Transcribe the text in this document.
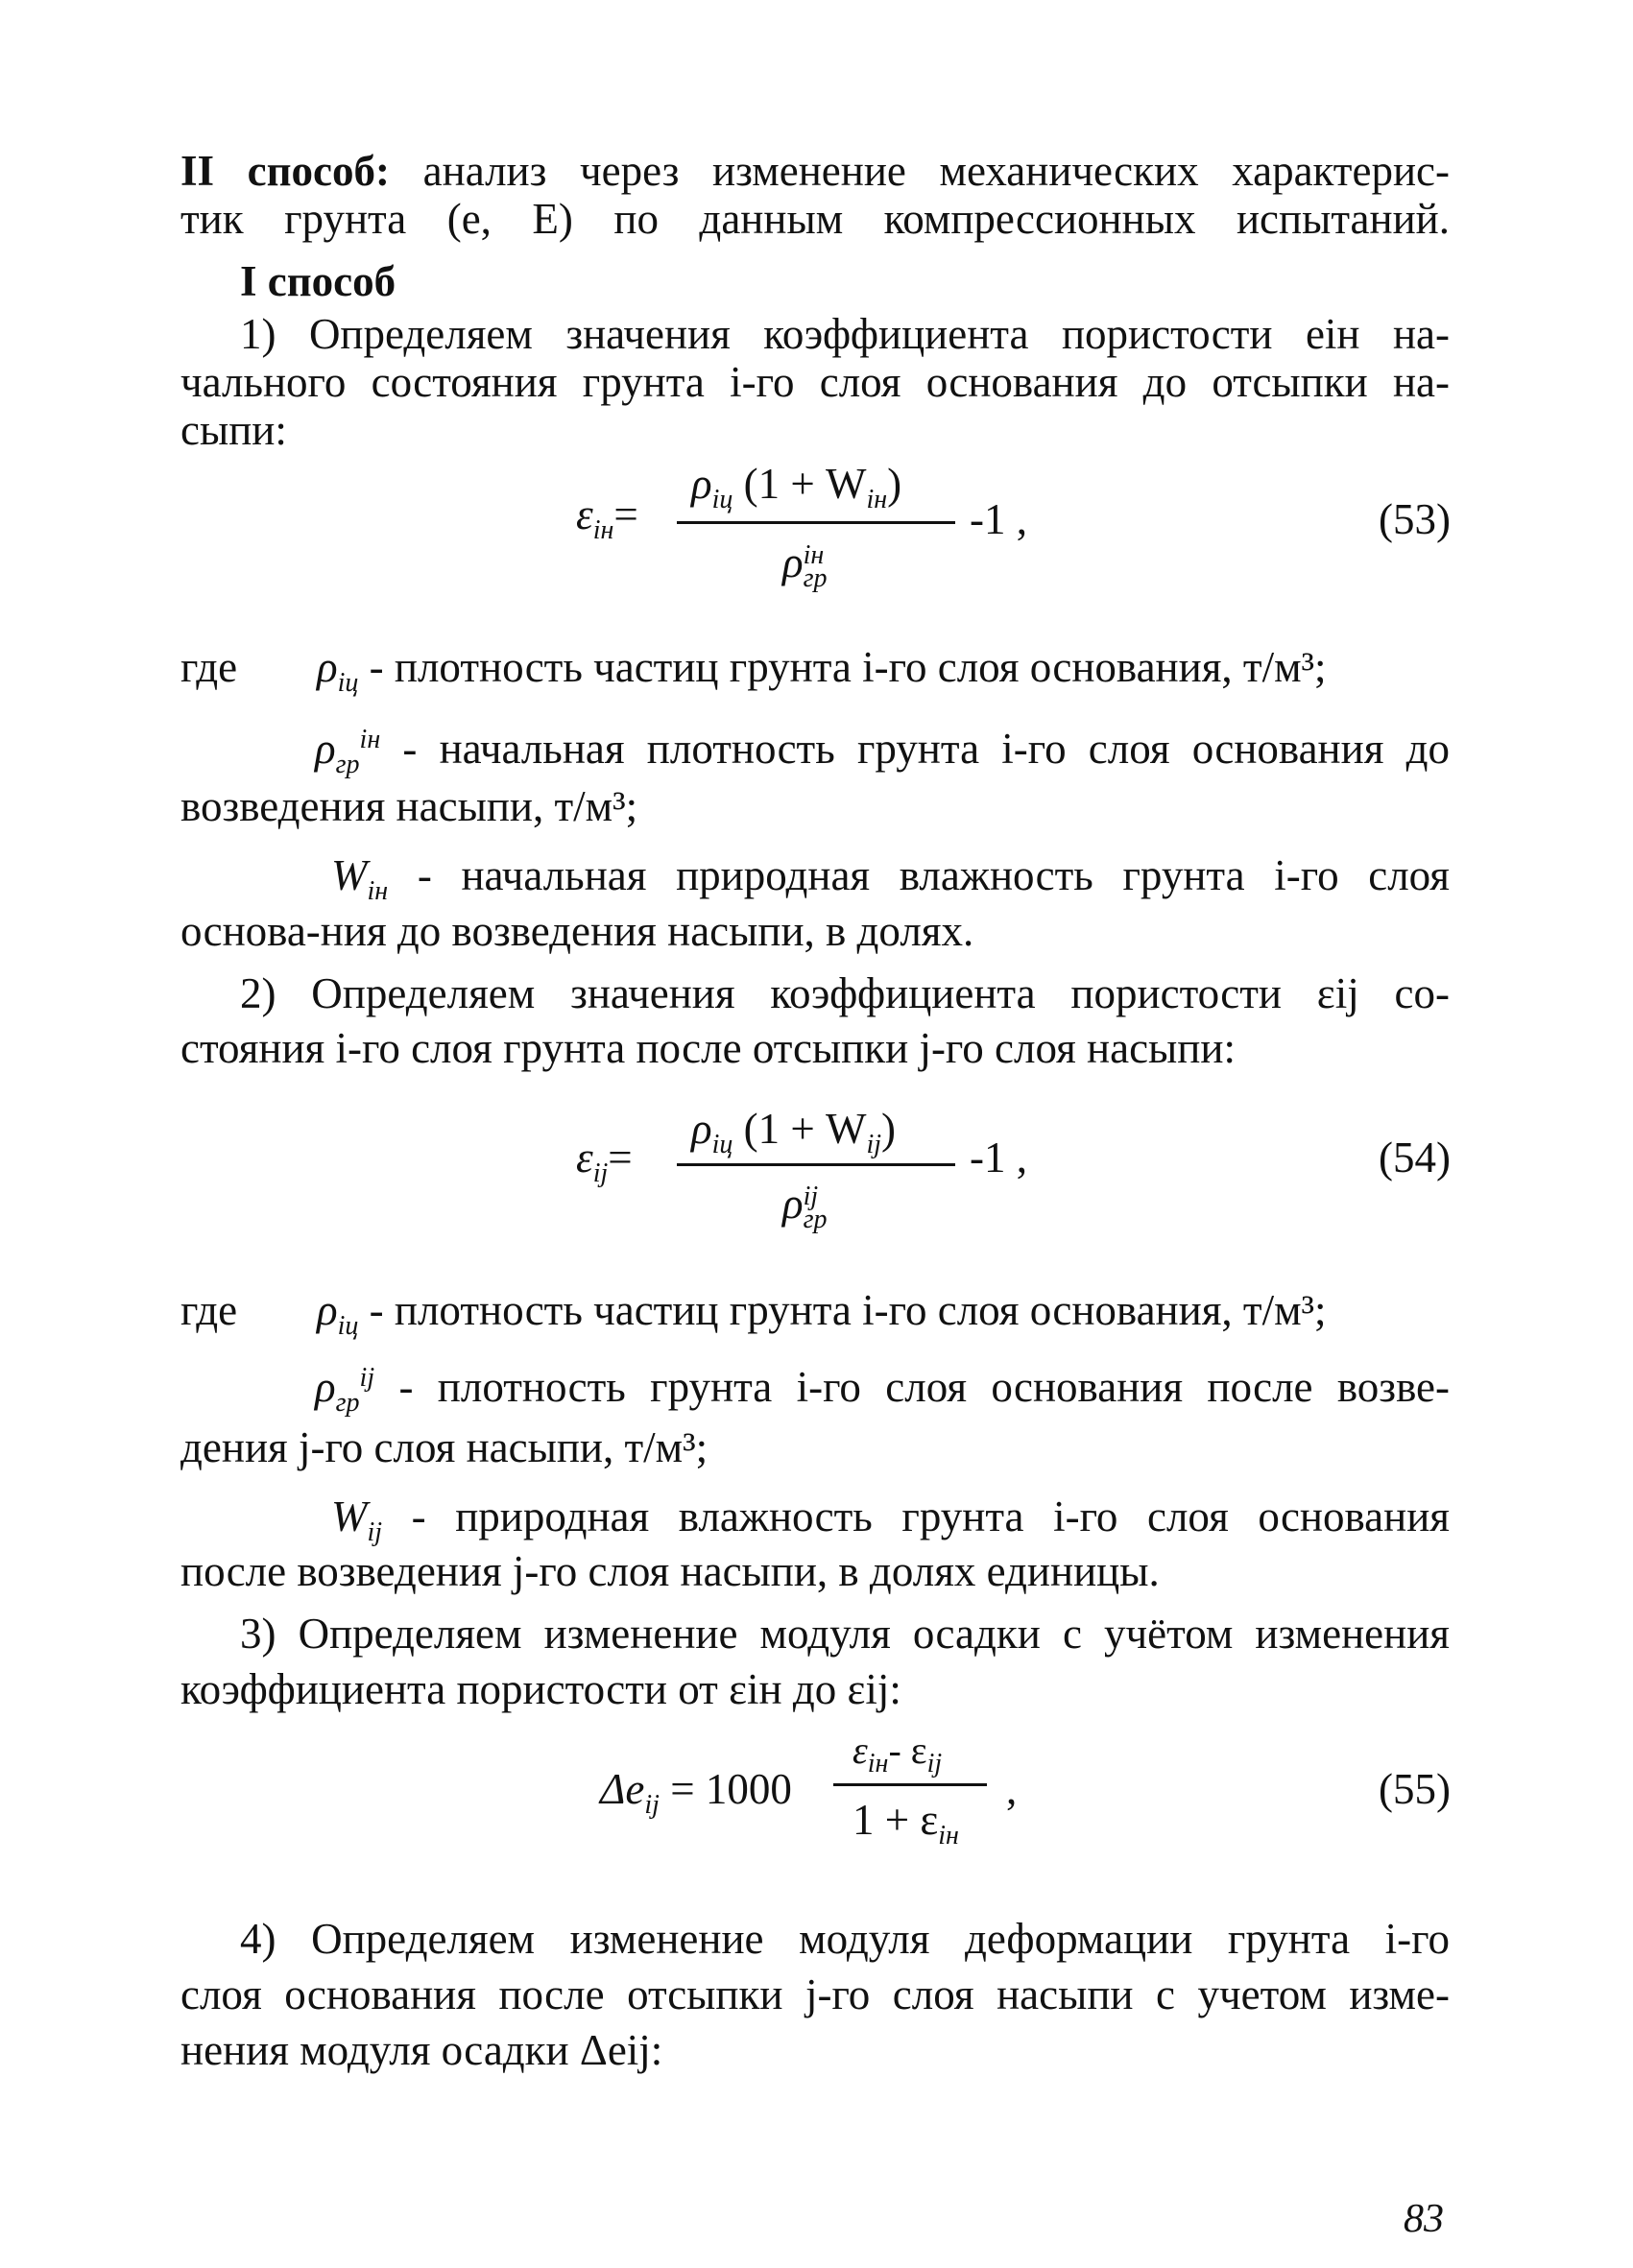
II способ: анализ через изменение механических характерис-
тик грунта (e, E) по данным компрессионных испытаний.
I способ
1) Определяем значения коэффициента пористости еiн на-
чального состояния грунта i-го слоя основания до отсыпки на-
сыпи:
$\varepsilon_{iн}=$
$\rho_{iц}$ $(1 + W_{iн})$
ρ iн
гр
-1 ,	(53)
где $\rho_{iц}$ - плотность частиц грунта i-го слоя основания, т/м³;
$\rho_{гр}^{iн}$ - начальная плотность грунта i-го слоя основания до
возведения насыпи, т/м³;
$W_{iн}$ - начальная природная влажность грунта i-го слоя
основа-ния до возведения насыпи, в долях.
2) Определяем значения коэффициента пористости εij со-
стояния i-го слоя грунта после отсыпки j-го слоя насыпи:
$\varepsilon_{ij}=$
$\rho_{iц}$ $(1 + W_{ij})$
ρ ij
гр
-1 ,	(54)
где $\rho_{iц}$ - плотность частиц грунта i-го слоя основания, т/м³;
$\rho_{гр}^{ij}$ - плотность грунта i-го слоя основания после возве-
дения j-го слоя насыпи, т/м³;
$W_{ij}$ - природная влажность грунта i-го слоя основания
после возведения j-го слоя насыпи, в долях единицы.
3) Определяем изменение модуля осадки с учётом изменения
коэффициента пористости от εiн до εij:
$\Delta e_{ij} = 1000$
$\varepsilon_{iн}-$ $\varepsilon_{ij}$
$1 + \varepsilon_{iн}$
,	(55)
4) Определяем изменение модуля деформации грунта i-го
слоя основания после отсыпки j-го слоя насыпи с учетом изме-
нения модуля осадки Δeij:
83
